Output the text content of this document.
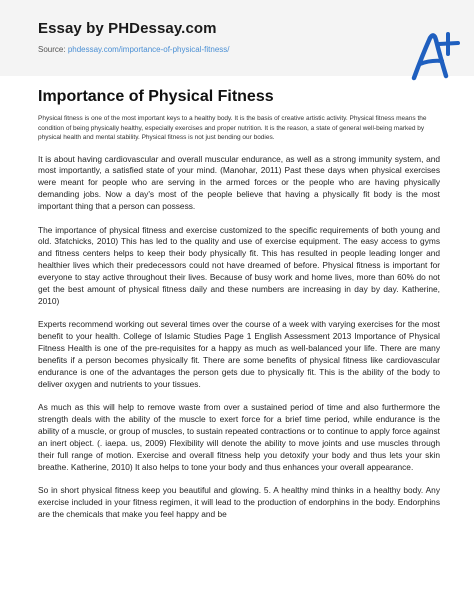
Essay by PHDessay.com
Source: phdessay.com/importance-of-physical-fitness/
Importance of Physical Fitness

Physical fitness is one of the most important keys to a healthy body. It is the basis of creative artistic activity. Physical fitness means the condition of being physically healthy, especially exercises and proper nutrition. It is the reason, a state of general well-being marked by physical health and mental stability. Physical fitness is not just bending our bodies.

It is about having cardiovascular and overall muscular endurance, as well as a strong immunity system, and most importantly, a satisfied state of your mind. (Manohar, 2011) Past these days when physical exercises were meant for people who are serving in the armed forces or the people who are having physically demanding jobs. Now a day's most of the people believe that having a physically fit body is the most important thing that a person can possess.

The importance of physical fitness and exercise customized to the specific requirements of both young and old. 3fatchicks, 2010) This has led to the quality and use of exercise equipment. The easy access to gyms and fitness centers helps to keep their body physically fit. This has resulted in people leading longer and healthier lives which their predecessors could not have dreamed of before. Physical fitness is important for everyone to stay active throughout their lives. Because of busy work and home lives, more than 60% do not get the best amount of physical fitness daily and these numbers are increasing in day by day. Katherine, 2010)

Experts recommend working out several times over the course of a week with varying exercises for the most benefit to your health. College of Islamic Studies Page 1 English Assessment 2013 Importance of Physical Fitness Health is one of the pre-requisites for a happy as much as well-balanced your life. There are many benefits if a person becomes physically fit. There are some benefits of physical fitness like cardiovascular endurance is one of the advantages the person gets due to physically fit. This is the ability of the body to deliver oxygen and nutrients to your tissues.

As much as this will help to remove waste from over a sustained period of time and also furthermore the strength deals with the ability of the muscle to exert force for a brief time period, while endurance is the ability of a muscle, or group of muscles, to sustain repeated contractions or to continue to apply force against an inert object. (. iaepa. us, 2009) Flexibility will denote the ability to move joints and use muscles through their full range of motion. Exercise and overall fitness help you detoxify your body and thus lets your skin breathe. Katherine, 2010) It also helps to tone your body and thus enhances your overall appearance.

So in short physical fitness keep you beautiful and glowing. 5. A healthy mind thinks in a healthy body. Any exercise included in your fitness regimen, it will lead to the production of endorphins in the body. Endorphins are the chemicals that make you feel happy and be
